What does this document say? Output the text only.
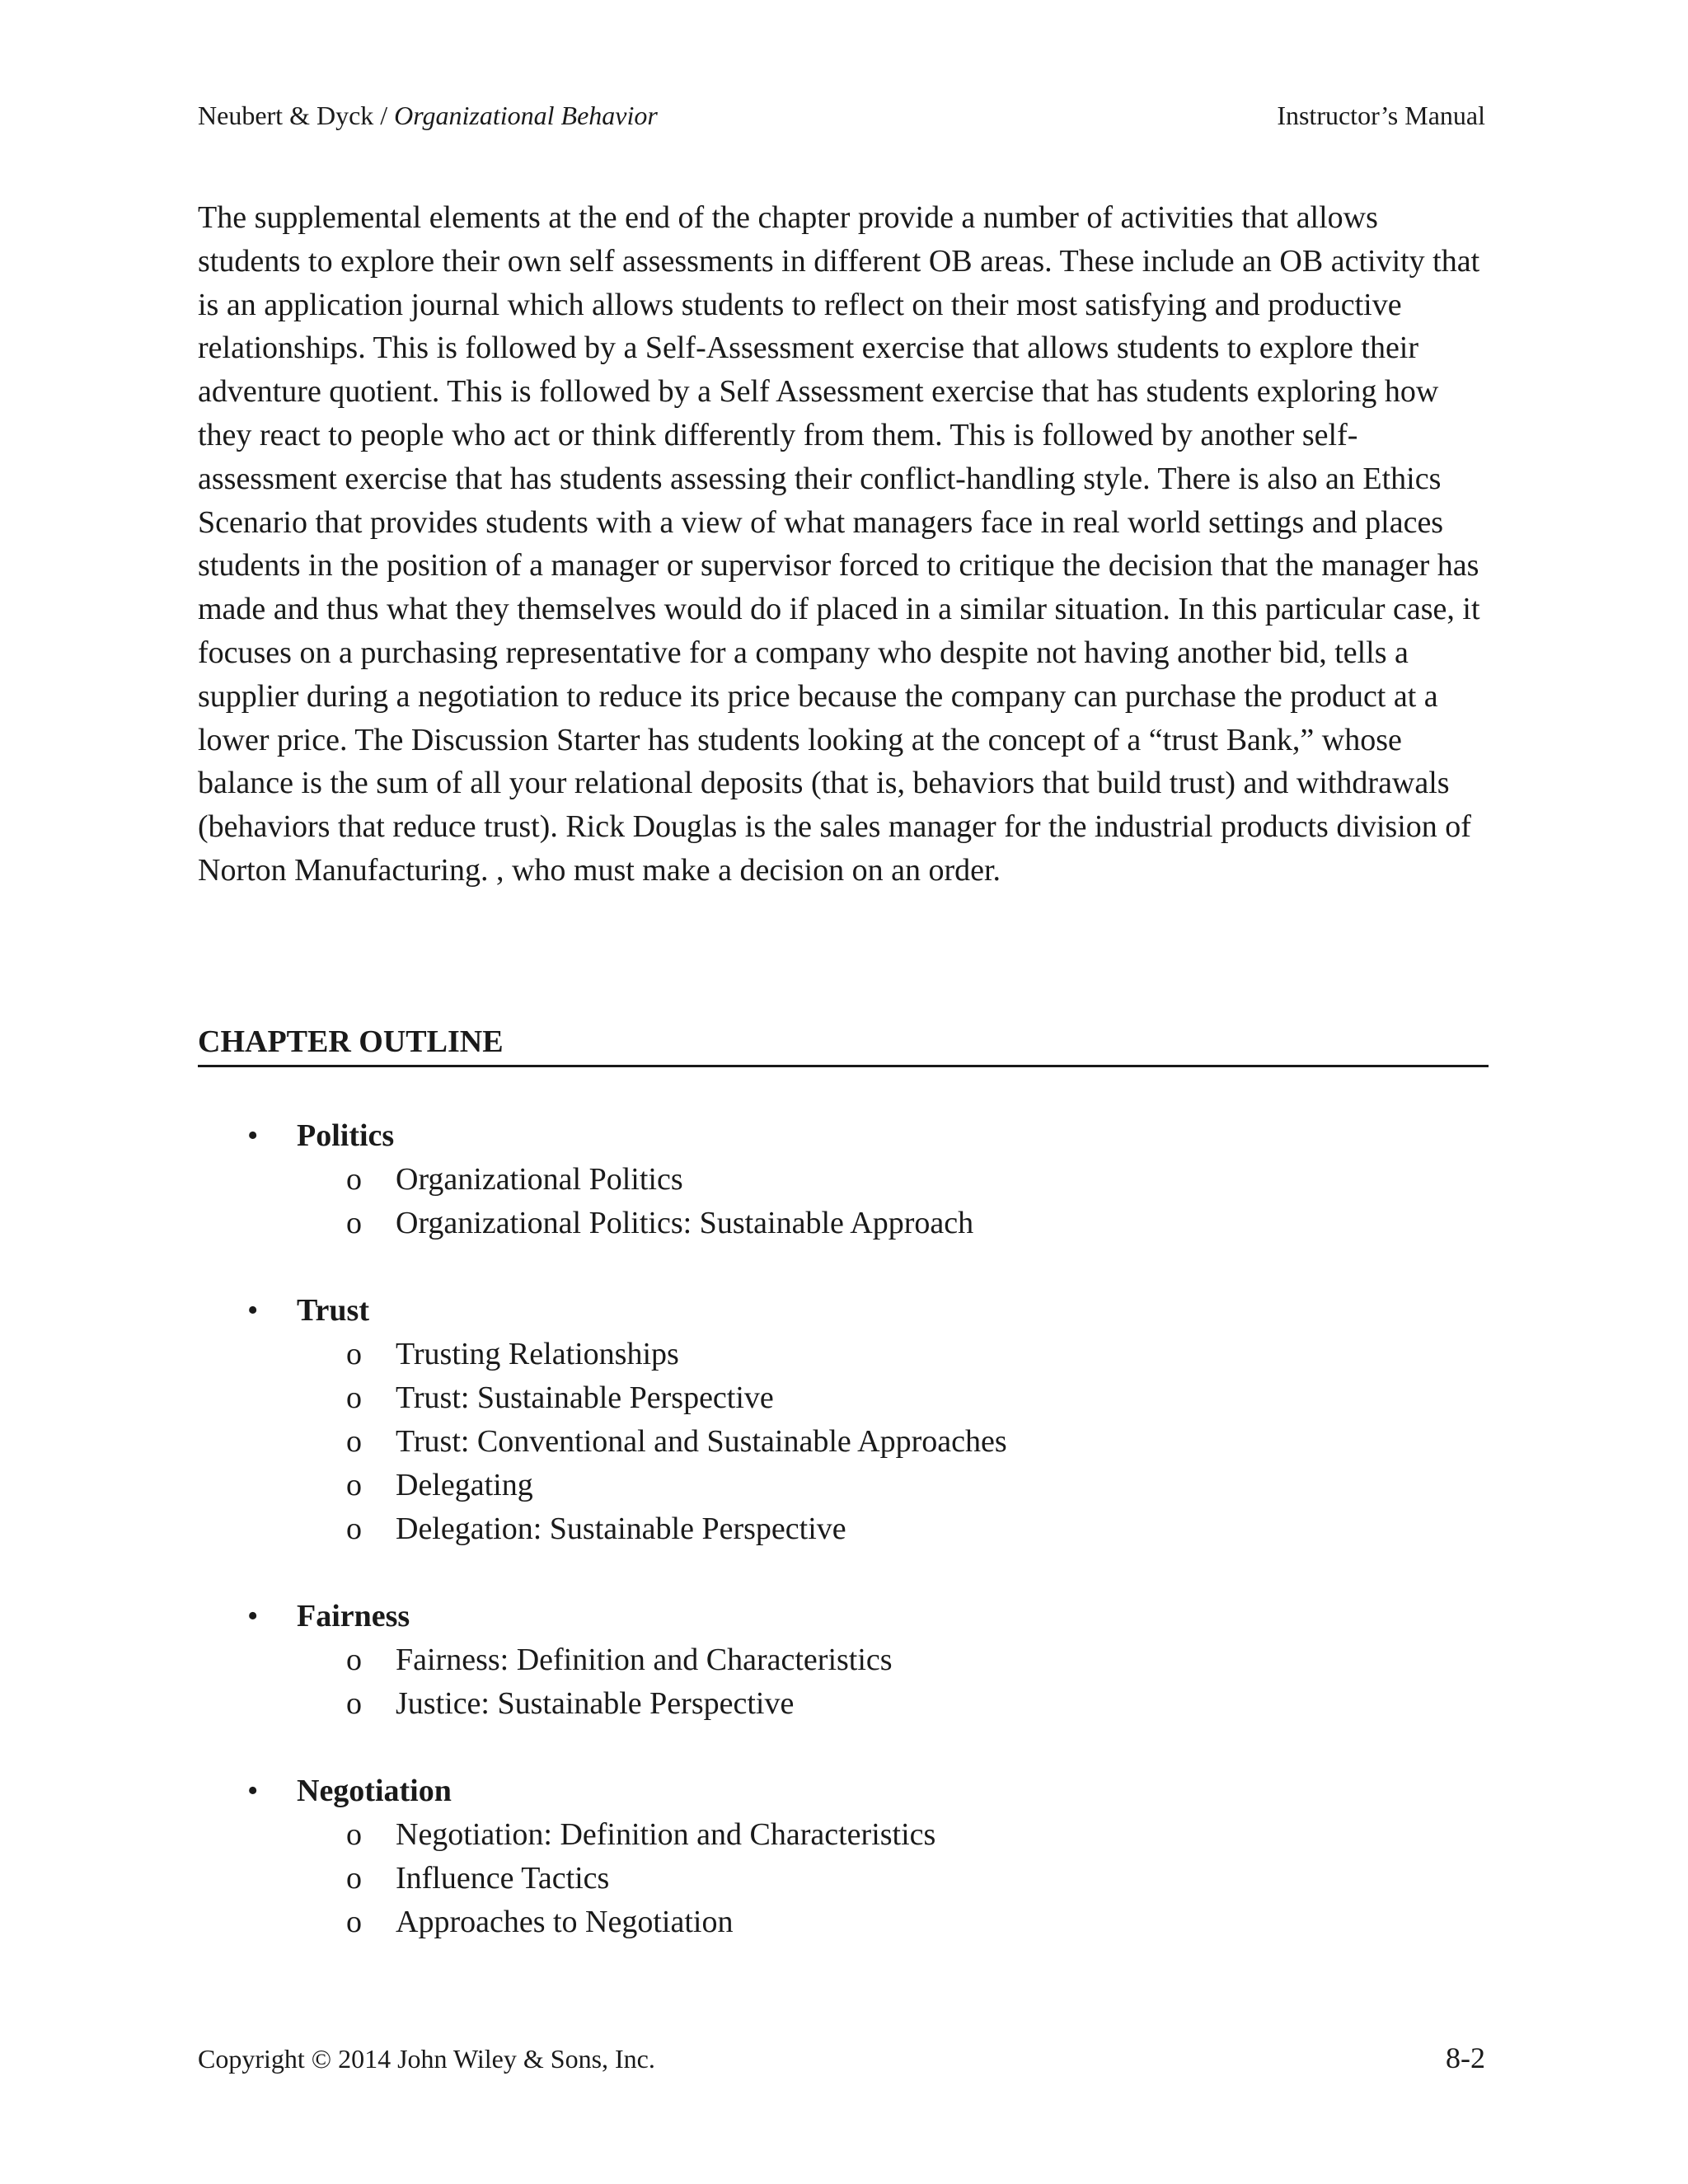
Neubert & Dyck / Organizational Behavior	Instructor’s Manual

The supplemental elements at the end of the chapter provide a number of activities that allows students to explore their own self assessments in different OB areas. These include an OB activity that is an application journal which allows students to reflect on their most satisfying and productive relationships. This is followed by a Self-Assessment exercise that allows students to explore their adventure quotient. This is followed by a Self Assessment exercise that has students exploring how they react to people who act or think differently from them. This is followed by another self-assessment exercise that has students assessing their conflict-handling style. There is also an Ethics Scenario that provides students with a view of what managers face in real world settings and places students in the position of a manager or supervisor forced to critique the decision that the manager has made and thus what they themselves would do if placed in a similar situation. In this particular case, it focuses on a purchasing representative for a company who despite not having another bid, tells a supplier during a negotiation to reduce its price because the company can purchase the product at a lower price. The Discussion Starter has students looking at the concept of a “trust Bank,” whose balance is the sum of all your relational deposits (that is, behaviors that build trust) and withdrawals (behaviors that reduce trust). Rick Douglas is the sales manager for the industrial products division of Norton Manufacturing. , who must make a decision on an order.

CHAPTER OUTLINE
• Politics
o Organizational Politics
o Organizational Politics: Sustainable Approach
• Trust
o Trusting Relationships
o Trust: Sustainable Perspective
o Trust: Conventional and Sustainable Approaches
o Delegating
o Delegation: Sustainable Perspective
• Fairness
o Fairness: Definition and Characteristics
o Justice: Sustainable Perspective
• Negotiation
o Negotiation: Definition and Characteristics
o Influence Tactics
o Approaches to Negotiation
Copyright © 2014 John Wiley & Sons, Inc.	8-2
